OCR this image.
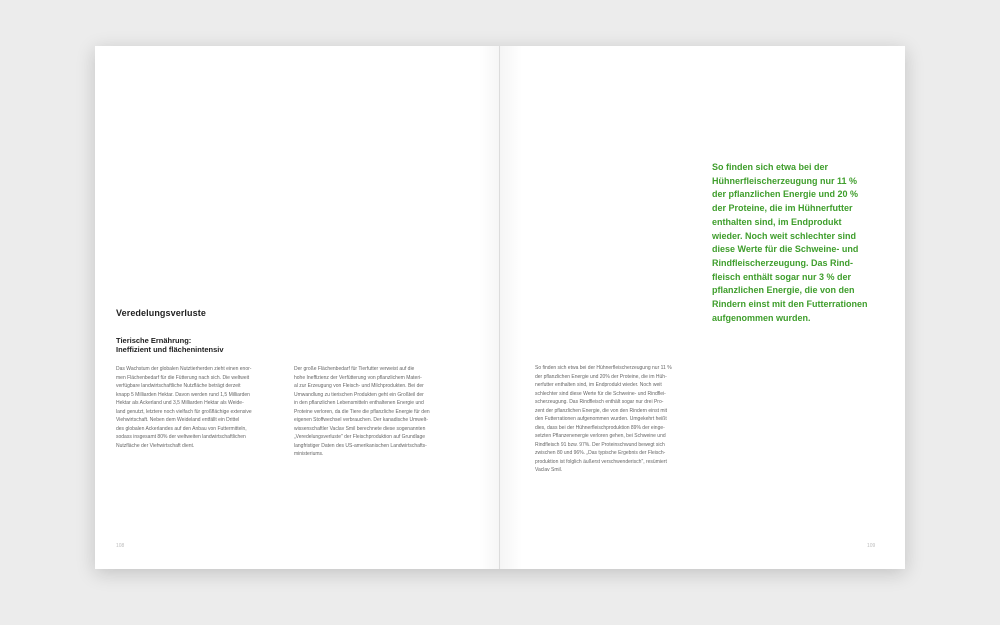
Veredelungsverluste
Tierische Ernährung:
Ineffizient und flächenintensiv
Das Wachstum der globalen Nutztierherden zieht einen enor-
men Flächenbedarf für die Fütterung nach sich. Die weltweit
verfügbare landwirtschaftliche Nutzfläche beträgt derzeit
knapp 5 Milliarden Hektar. Davon werden rund 1,5 Milliarden
Hektar als Ackerland und 3,5 Milliarden Hektar als Weide-
land genutzt, letztere noch vielfach für großflächige extensive
Viehwirtschaft. Neben dem Weideland entfällt ein Drittel
des globalen Ackerlandes auf den Anbau von Futtermitteln,
sodass insgesamt 80% der weltweiten landwirtschaftlichen
Nutzfläche der Viehwirtschaft dient.
Der große Flächenbedarf für Tierfutter verweist auf die
hohe Ineffizienz der Verfütterung von pflanzlichem Materi-
al zur Erzeugung von Fleisch- und Milchprodukten. Bei der
Umwandlung zu tierischen Produkten geht ein Großteil der
in den pflanzlichen Lebensmitteln enthaltenen Energie und
Proteine verloren, da die Tiere die pflanzliche Energie für den
eigenen Stoffwechsel verbrauchen. Der kanadische Umwelt-
wissenschaftler Vaclav Smil berechnete diese sogenannten
„Veredelungsverluste" der Fleischproduktion auf Grundlage
langfristiger Daten des US-amerikanischen Landwirtschafts-
ministeriums.
108
So finden sich etwa bei der
Hühnerfleischerzeugung nur 11 %
der pflanzlichen Energie und 20 %
der Proteine, die im Hühnerfutter
enthalten sind, im Endprodukt
wieder. Noch weit schlechter sind
diese Werte für die Schweine- und
Rindfleischerzeugung. Das Rind-
fleisch enthält sogar nur 3 % der
pflanzlichen Energie, die von den
Rindern einst mit den Futterrationen
aufgenommen wurden.
So finden sich etwa bei der Hühnerfleischerzeugung nur 11 %
der pflanzlichen Energie und 20% der Proteine, die im Hüh-
nerfutter enthalten sind, im Endprodukt wieder. Noch weit
schlechter sind diese Werte für die Schweine- und Rindflei-
scherzeugung. Das Rindfleisch enthält sogar nur drei Pro-
zent der pflanzlichen Energie, die von den Rindern einst mit
den Futterrationen aufgenommen wurden. Umgekehrt heißt
dies, dass bei der Hühnerfleischproduktion 89% der einge-
setzten Pflanzenenergie verloren gehen, bei Schweine und
Rindfleisch 91 bzw. 97%. Der Proteinschwund bewegt sich
zwischen 80 und 96%. „Das typische Ergebnis der Fleisch-
produktion ist folglich äußerst verschwenderisch", resümiert
Vaclav Smil.
109
